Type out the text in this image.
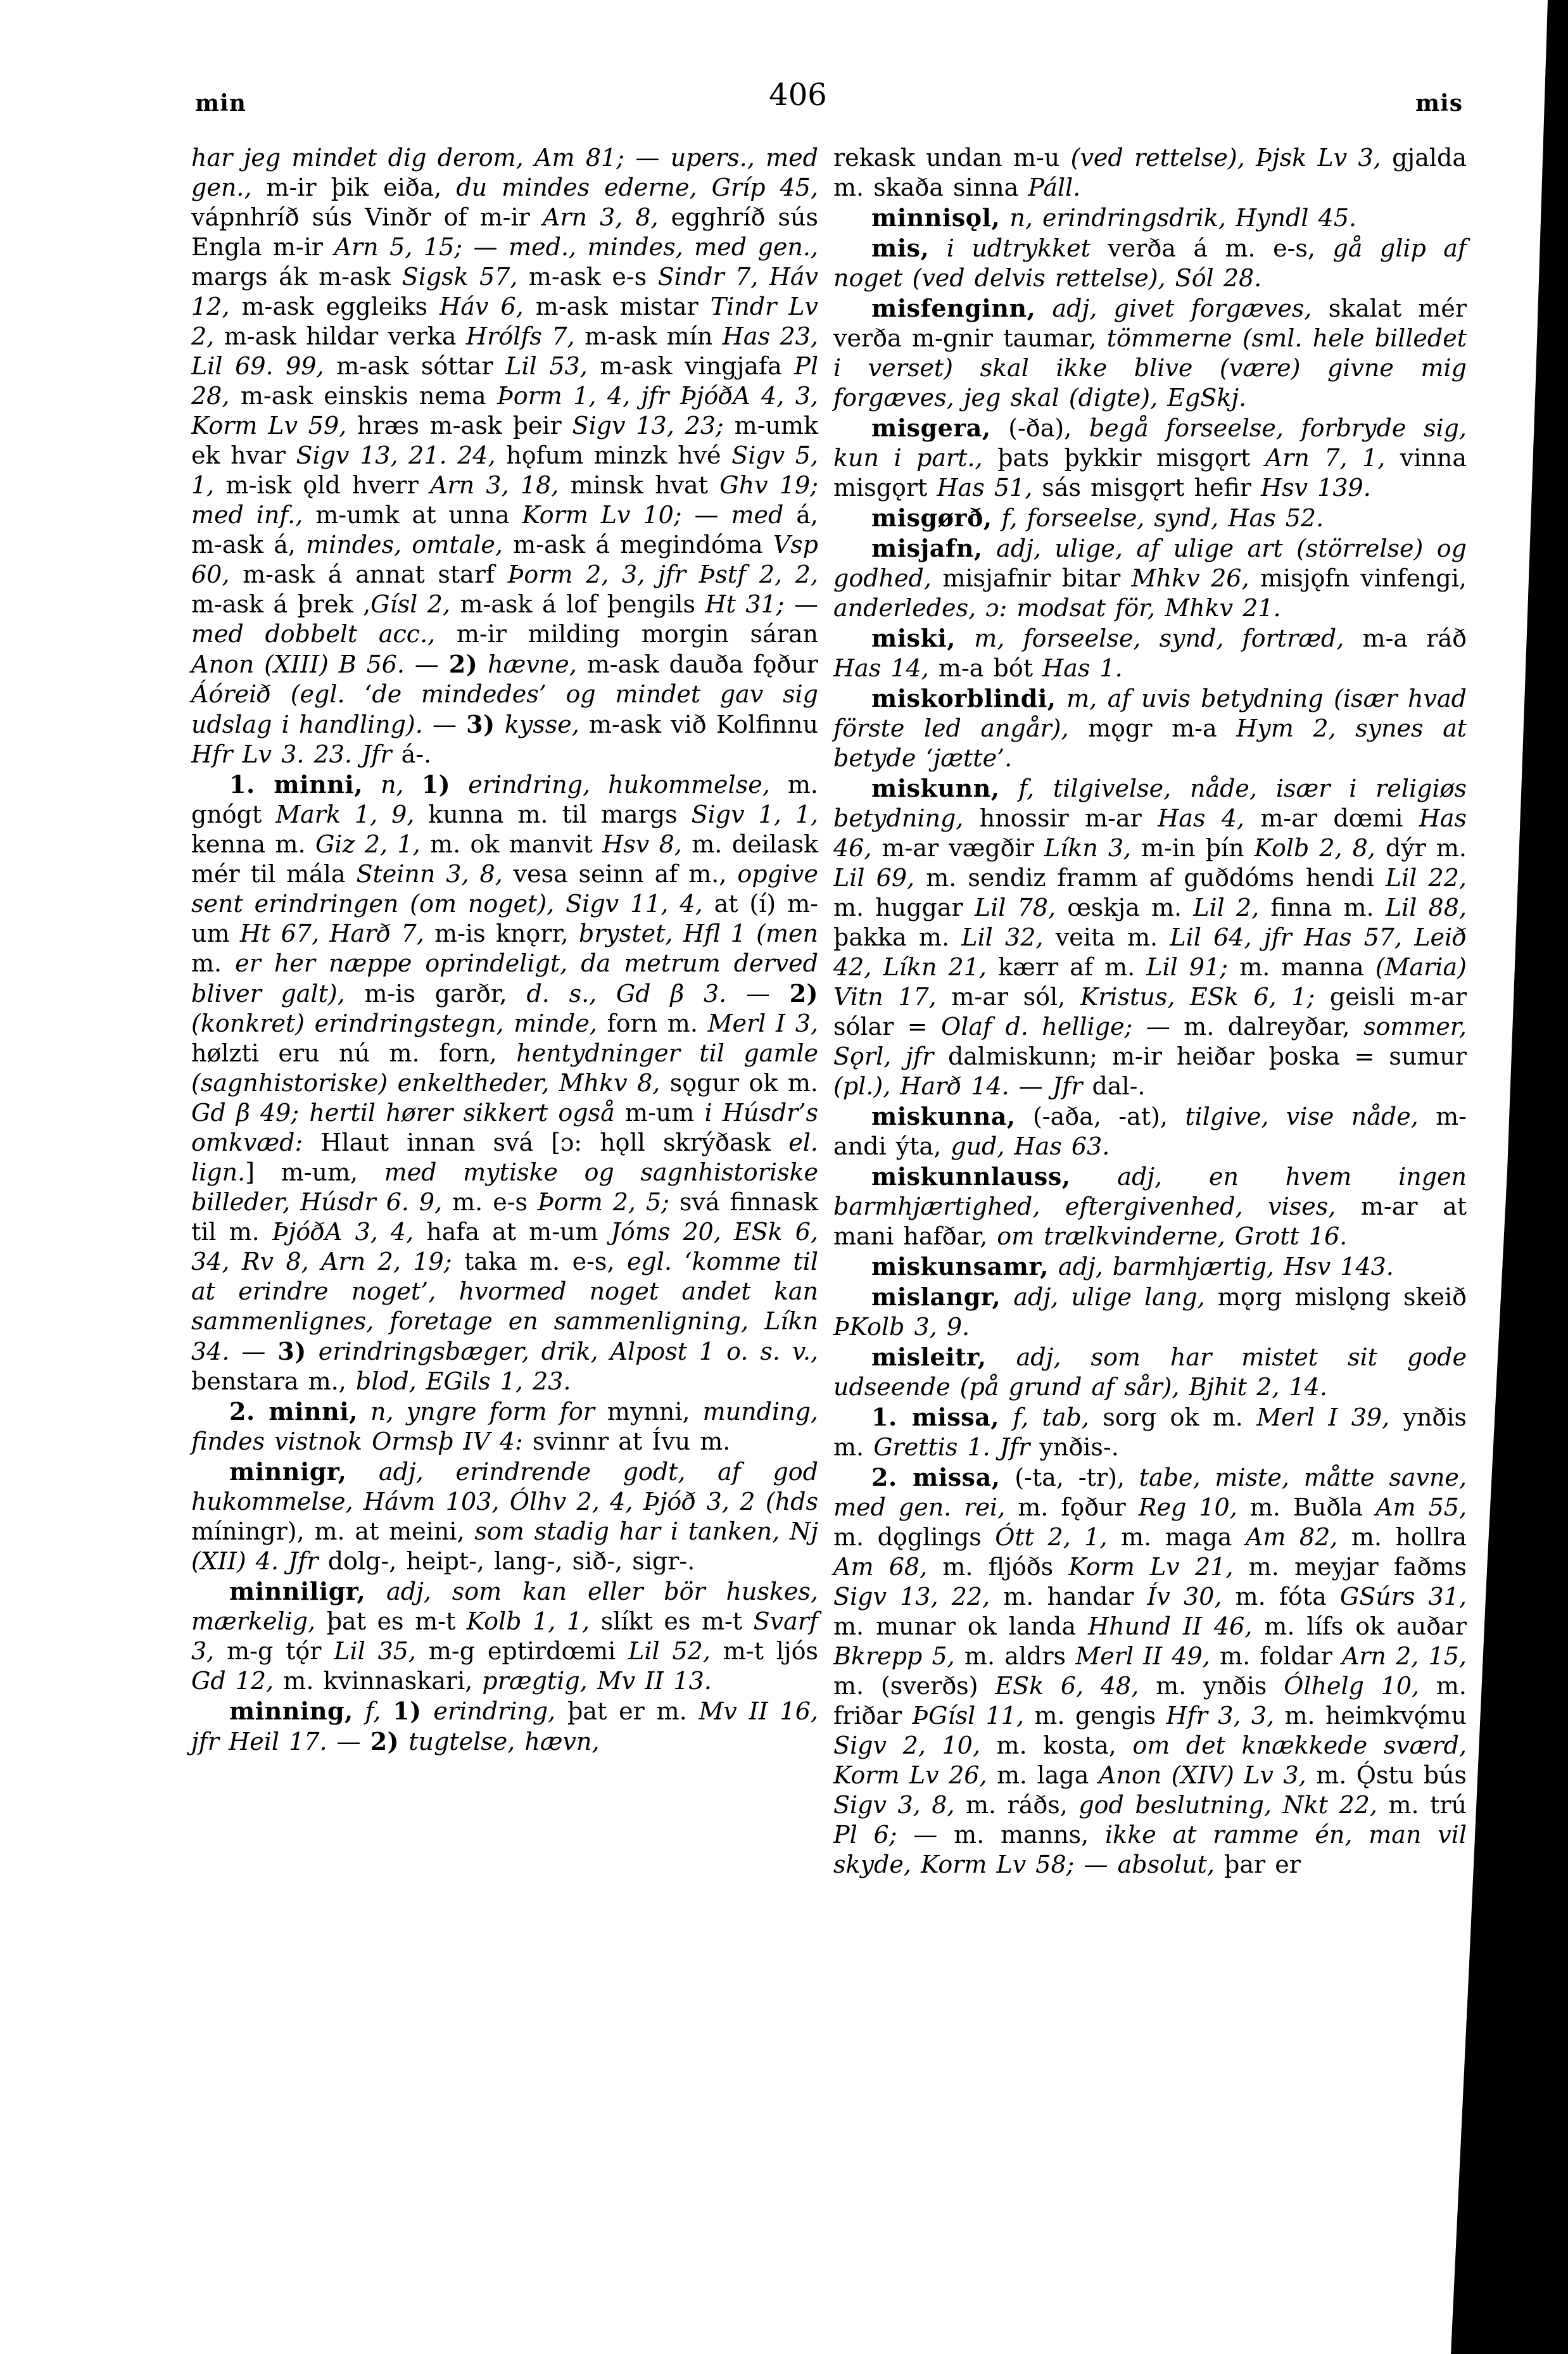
min	406	mis

har jeg mindet dig derom, Am 81; — upers., med gen., m-ir þik eiða, du mindes ederne, Gríp 45, vápnhríð sús Vinðr of m-ir Arn 3, 8, egghríð sús Engla m-ir Arn 5, 15; — med., mindes, med gen., margs ák m-ask Sigsk 57, m-ask e-s Sindr 7, Háv 12, m-ask eggleiks Háv 6, m-ask mistar Tindr Lv 2, m-ask hildar verka Hrólfs 7, m-ask mín Has 23, Lil 69. 99, m-ask sóttar Lil 53, m-ask vingjafa Pl 28, m-ask einskis nema Þorm 1, 4, jfr ÞjóðA 4, 3, Korm Lv 59, hræs m-ask þeir Sigv 13, 23; m-umk ek hvar Sigv 13, 21. 24, hǫfum minzk hvé Sigv 5, 1, m-isk ǫld hverr Arn 3, 18, minsk hvat Ghv 19; med inf., m-umk at unna Korm Lv 10; — med á, m-ask á, mindes, omtale, m-ask á megindóma Vsp 60, m-ask á annat starf Þorm 2, 3, jfr Þstf 2, 2, m-ask á þrek ,Gísl 2, m-ask á lof þengils Ht 31; — med dobbelt acc., m-ir milding morgin sáran Anon (XIII) B 56. — 2) hævne, m-ask dauða fǫður Áóreið (egl. ‘de mindedes’ og mindet gav sig udslag i handling). — 3) kysse, m-ask við Kolfinnu Hfr Lv 3. 23. Jfr á-.

1. minni, n, 1) erindring, hukommelse, m. gnógt Mark 1, 9, kunna m. til margs Sigv 1, 1, kenna m. Giz 2, 1, m. ok manvit Hsv 8, m. deilask mér til mála Steinn 3, 8, vesa seinn af m., opgive sent erindringen (om noget), Sigv 11, 4, at (í) m-um Ht 67, Harð 7, m-is knǫrr, brystet, Hfl 1 (men m. er her næppe oprindeligt, da metrum derved bliver galt), m-is garðr, d. s., Gd β 3. — 2) (konkret) erindringstegn, minde, forn m. Merl I 3, hølzti eru nú m. forn, hentydninger til gamle (sagnhistoriske) enkeltheder, Mhkv 8, sǫgur ok m. Gd β 49; hertil hører sikkert også m-um i Húsdr’s omkvæd: Hlaut innan svá [ɔ: hǫll skrýðask el. lign.] m-um, med mytiske og sagnhistoriske billeder, Húsdr 6. 9, m. e-s Þorm 2, 5; svá finnask til m. ÞjóðA 3, 4, hafa at m-um Jóms 20, ESk 6, 34, Rv 8, Arn 2, 19; taka m. e-s, egl. ‘komme til at erindre noget’, hvormed noget andet kan sammenlignes, foretage en sammenligning, Líkn 34. — 3) erindringsbæger, drik, Alpost 1 o. s. v., benstara m., blod, EGils 1, 23.

2. minni, n, yngre form for mynni, munding, findes vistnok Ormsþ IV 4: svinnr at Ívu m.

minnigr, adj, erindrende godt, af god hukommelse, Hávm 103, Ólhv 2, 4, Þjóð 3, 2 (hds míningr), m. at meini, som stadig har i tanken, Nj (XII) 4. Jfr dolg-, heipt-, lang-, sið-, sigr-.

minniligr, adj, som kan eller bör huskes, mærkelig, þat es m-t Kolb 1, 1, slíkt es m-t Svarf 3, m-g tǫ́r Lil 35, m-g eptirdœmi Lil 52, m-t ljós Gd 12, m. kvinnaskari, prægtig, Mv II 13.

minning, f, 1) erindring, þat er m. Mv II 16, jfr Heil 17. — 2) tugtelse, hævn,

rekask undan m-u (ved rettelse), Þjsk Lv 3, gjalda m. skaða sinna Páll.

minnisǫl, n, erindringsdrik, Hyndl 45.

mis, i udtrykket verða á m. e-s, gå glip af noget (ved delvis rettelse), Sól 28.

misfenginn, adj, givet forgæves, skalat mér verða m-gnir taumar, tömmerne (sml. hele billedet i verset) skal ikke blive (være) givne mig forgæves, jeg skal (digte), EgSkj.

misgera, (-ða), begå forseelse, forbryde sig, kun i part., þats þykkir misgǫrt Arn 7, 1, vinna misgǫrt Has 51, sás misgǫrt hefir Hsv 139.

misgørð, f, forseelse, synd, Has 52.

misjafn, adj, ulige, af ulige art (störrelse) og godhed, misjafnir bitar Mhkv 26, misjǫfn vinfengi, anderledes, ɔ: modsat för, Mhkv 21.

miski, m, forseelse, synd, fortræd, m-a ráð Has 14, m-a bót Has 1.

miskorblindi, m, af uvis betydning (især hvad förste led angår), mǫgr m-a Hym 2, synes at betyde ‘jætte’.

miskunn, f, tilgivelse, nåde, især i religiøs betydning, hnossir m-ar Has 4, m-ar dœmi Has 46, m-ar vægðir Líkn 3, m-in þín Kolb 2, 8, dýr m. Lil 69, m. sendiz framm af guðdóms hendi Lil 22, m. huggar Lil 78, œskja m. Lil 2, finna m. Lil 88, þakka m. Lil 32, veita m. Lil 64, jfr Has 57, Leið 42, Líkn 21, kærr af m. Lil 91; m. manna (Maria) Vitn 17, m-ar sól, Kristus, ESk 6, 1; geisli m-ar sólar = Olaf d. hellige; — m. dalreyðar, sommer, Sǫrl, jfr dalmiskunn; m-ir heiðar þoska = sumur (pl.), Harð 14. — Jfr dal-.

miskunna, (-aða, -at), tilgive, vise nåde, m-andi ýta, gud, Has 63.

miskunnlauss, adj, en hvem ingen barmhjærtighed, eftergivenhed, vises, m-ar at mani hafðar, om trælkvinderne, Grott 16.

miskunsamr, adj, barmhjærtig, Hsv 143.

mislangr, adj, ulige lang, mǫrg mislǫng skeið ÞKolb 3, 9.

misleitr, adj, som har mistet sit gode udseende (på grund af sår), Bjhit 2, 14.

1. missa, f, tab, sorg ok m. Merl I 39, ynðis m. Grettis 1. Jfr ynðis-.

2. missa, (-ta, -tr), tabe, miste, måtte savne, med gen. rei, m. fǫður Reg 10, m. Buðla Am 55, m. dǫglings Ótt 2, 1, m. maga Am 82, m. hollra Am 68, m. fljóðs Korm Lv 21, m. meyjar faðms Sigv 13, 22, m. handar Ív 30, m. fóta GSúrs 31, m. munar ok landa Hhund II 46, m. lífs ok auðar Bkrepp 5, m. aldrs Merl II 49, m. foldar Arn 2, 15, m. (sverðs) ESk 6, 48, m. ynðis Ólhelg 10, m. friðar ÞGísl 11, m. gengis Hfr 3, 3, m. heimkvǫ́mu Sigv 2, 10, m. kosta, om det knækkede sværd, Korm Lv 26, m. laga Anon (XIV) Lv 3, m. Ǫ́stu bús Sigv 3, 8, m. ráðs, god beslutning, Nkt 22, m. trú Pl 6; — m. manns, ikke at ramme én, man vil skyde, Korm Lv 58; — absolut, þar er
